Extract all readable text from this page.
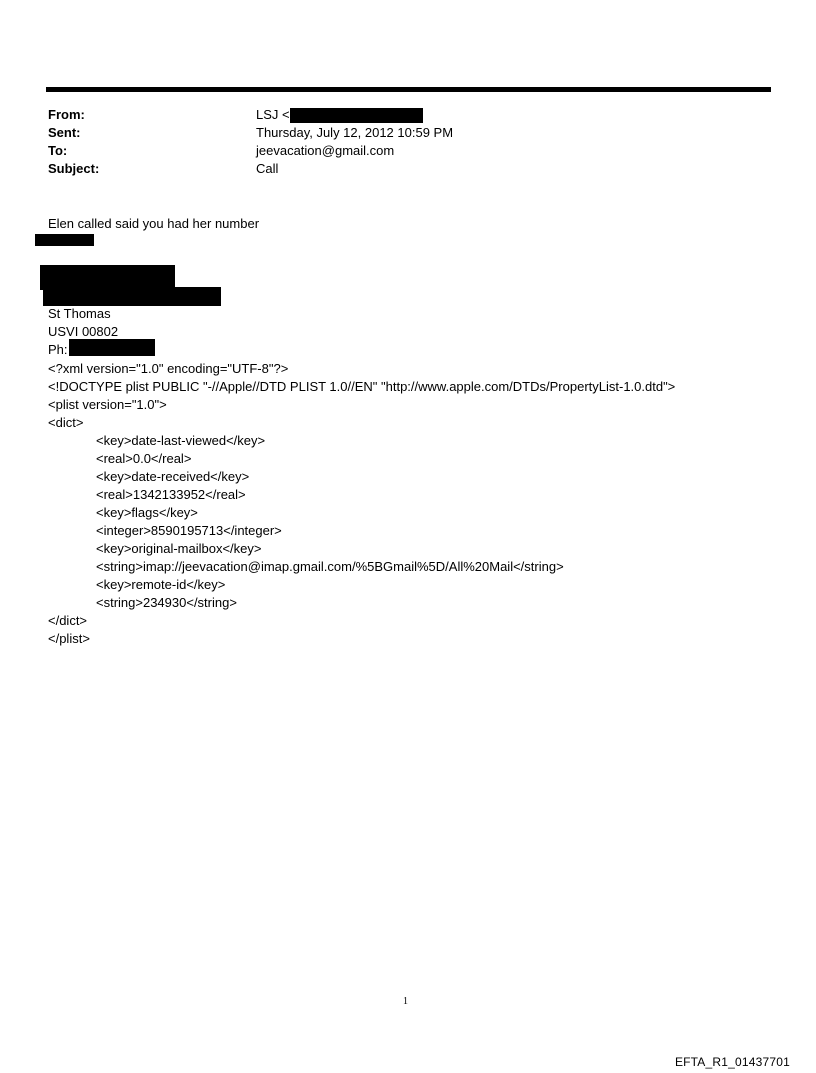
From:	LSJ <
Sent:	Thursday, July 12, 2012 10:59 PM
To:	jeevacation@gmail.com
Subject:	Call
Elen called said you had her number
St Thomas
USVI 00802
Ph:
<?xml version="1.0" encoding="UTF-8"?>
<!DOCTYPE plist PUBLIC "-//Apple//DTD PLIST 1.0//EN" "http://www.apple.com/DTDs/PropertyList-1.0.dtd">
<plist version="1.0">
<dict>
<key>date-last-viewed</key>
<real>0.0</real>
<key>date-received</key>
<real>1342133952</real>
<key>flags</key>
<integer>8590195713</integer>
<key>original-mailbox</key>
<string>imap://jeevacation@imap.gmail.com/%5BGmail%5D/All%20Mail</string>
<key>remote-id</key>
<string>234930</string>
</dict>
</plist>
1
EFTA_R1_01437701
